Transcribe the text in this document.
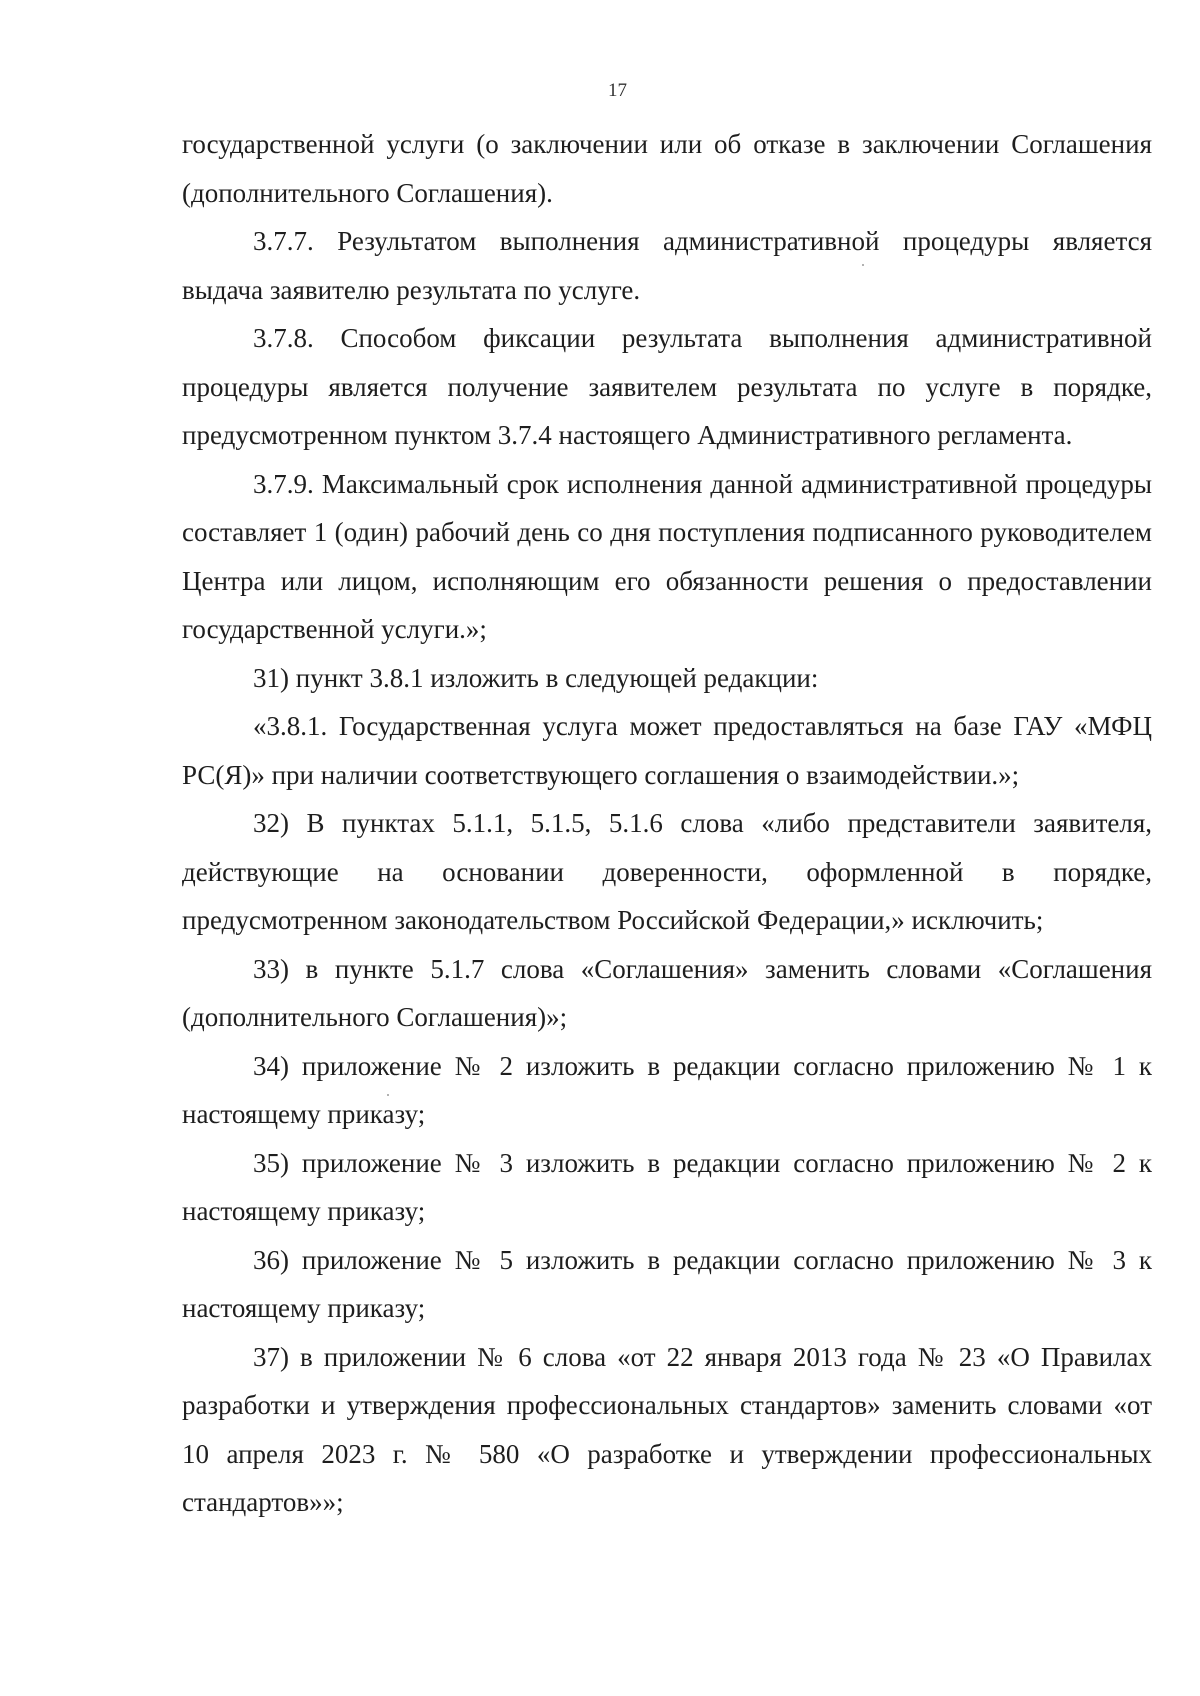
17

государственной услуги (о заключении или об отказе в заключении Соглашения (дополнительного Соглашения).

3.7.7. Результатом выполнения административной процедуры является выдача заявителю результата по услуге.

3.7.8. Способом фиксации результата выполнения административной процедуры является получение заявителем результата по услуге в порядке, предусмотренном пунктом 3.7.4 настоящего Административного регламента.

3.7.9. Максимальный срок исполнения данной административной процедуры составляет 1 (один) рабочий день со дня поступления подписанного руководителем Центра или лицом, исполняющим его обязанности решения о предоставлении государственной услуги.»;

31) пункт 3.8.1 изложить в следующей редакции:

«3.8.1. Государственная услуга может предоставляться на базе ГАУ «МФЦ РС(Я)» при наличии соответствующего соглашения о взаимодействии.»;

32) В пунктах 5.1.1, 5.1.5, 5.1.6 слова «либо представители заявителя, действующие на основании доверенности, оформленной в порядке, предусмотренном законодательством Российской Федерации,» исключить;

33) в пункте 5.1.7 слова «Соглашения» заменить словами «Соглашения (дополнительного Соглашения)»;

34) приложение № 2 изложить в редакции согласно приложению № 1 к настоящему приказу;

35) приложение № 3 изложить в редакции согласно приложению № 2 к настоящему приказу;

36) приложение № 5 изложить в редакции согласно приложению № 3 к настоящему приказу;

37) в приложении № 6 слова «от 22 января 2013 года № 23 «О Правилах разработки и утверждения профессиональных стандартов» заменить словами «от 10 апреля 2023 г. № 580 «О разработке и утверждении профессиональных стандартов»»;
